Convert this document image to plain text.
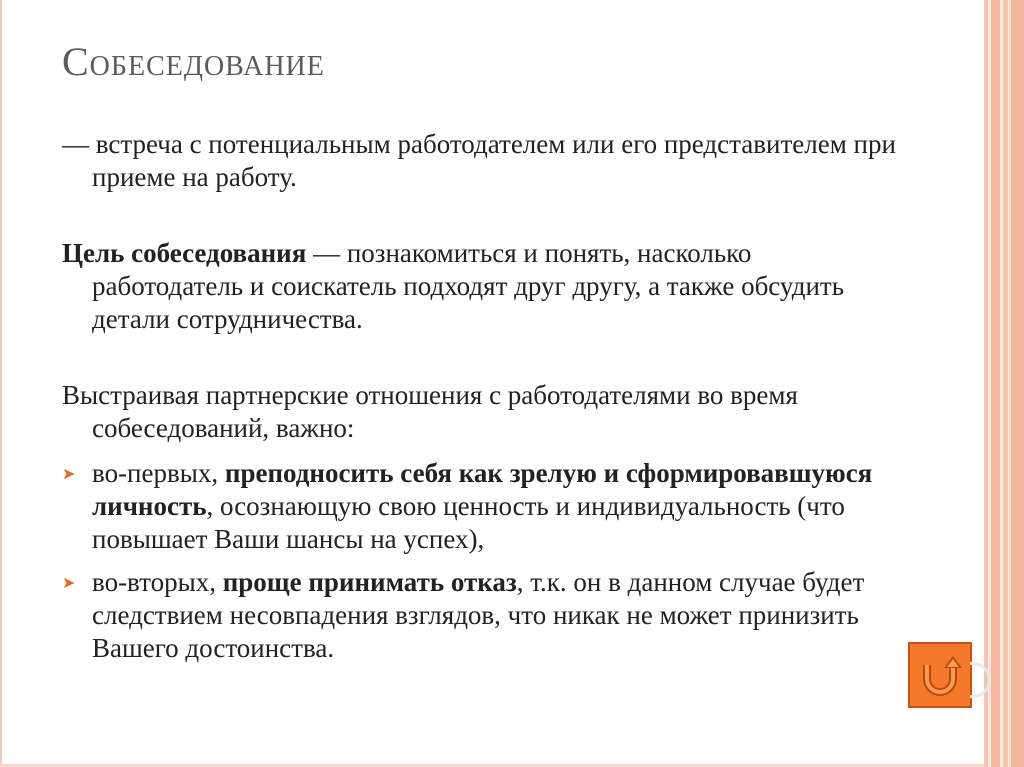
Собеседование

— встреча с потенциальным работодателем или его представителем при приеме на работу.

Цель собеседования — познакомиться и понять, насколько работодатель и соискатель подходят друг другу, а также обсудить детали сотрудничества.

Выстраивая партнерские отношения с работодателями во время собеседований, важно:

➤ во-первых, преподносить себя как зрелую и сформировавшуюся личность, осознающую свою ценность и индивидуальность (что повышает Ваши шансы на успех),

➤ во-вторых, проще принимать отказ, т.к. он в данном случае будет следствием несовпадения взглядов, что никак не может принизить Вашего достоинства.
